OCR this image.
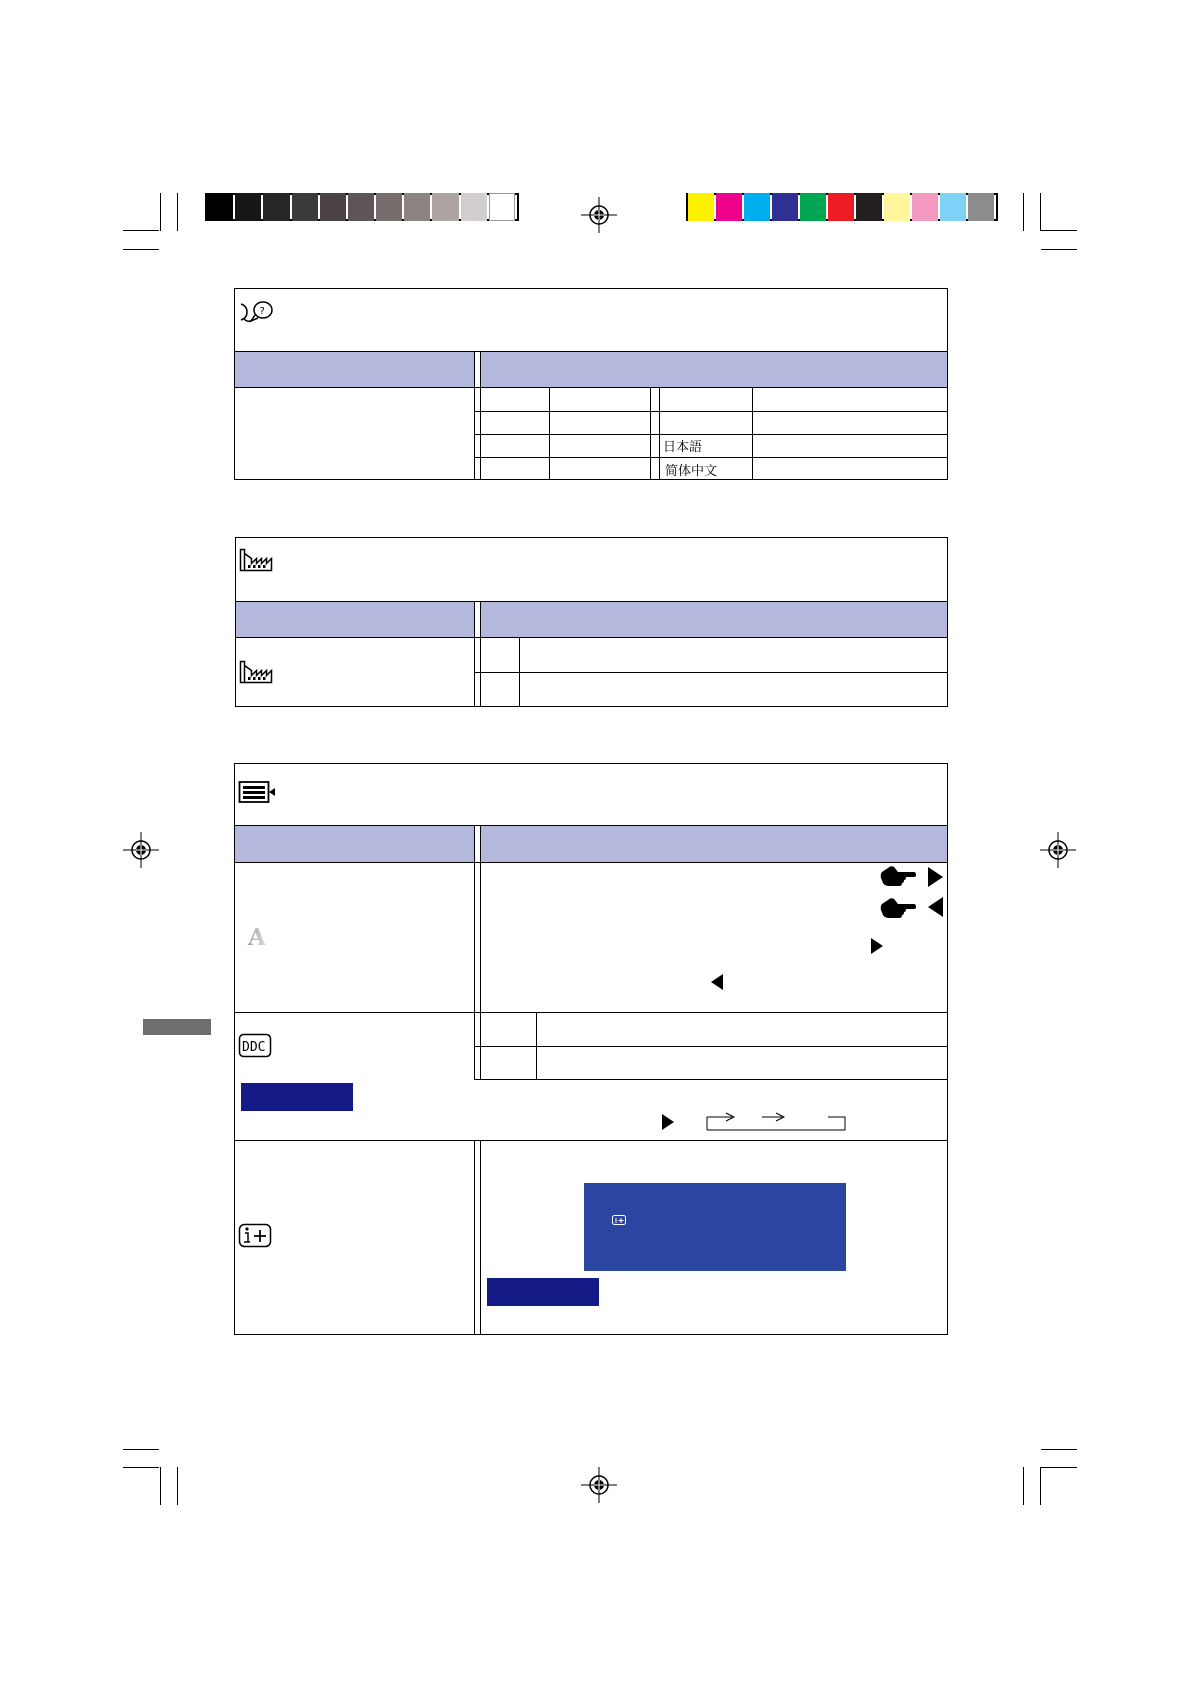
?
日本語
简体中文
A
DDC
